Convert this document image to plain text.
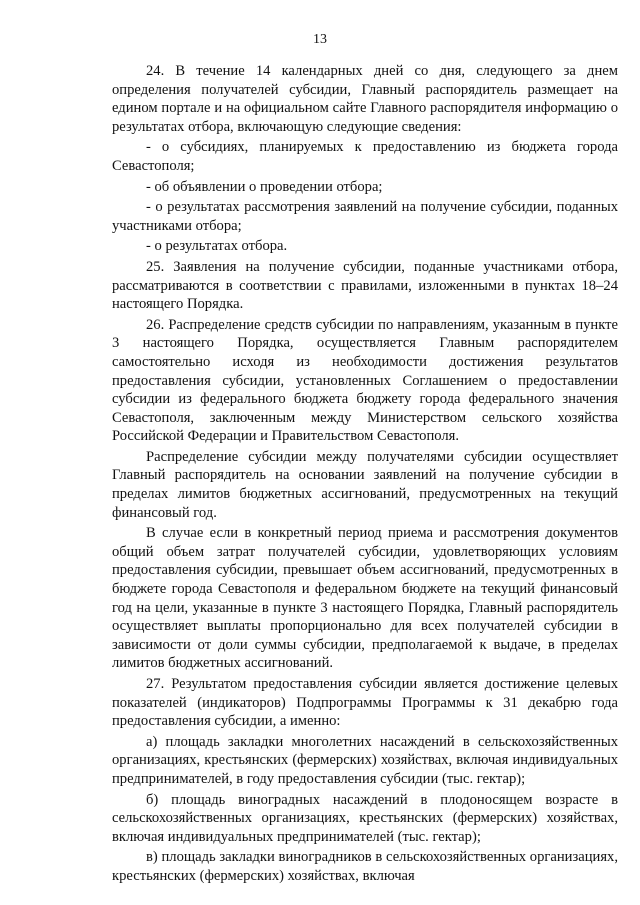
13

24. В течение 14 календарных дней со дня, следующего за днем определения получателей субсидии, Главный распорядитель размещает на едином портале и на официальном сайте Главного распорядителя информацию о результатах отбора, включающую следующие сведения:

- о субсидиях, планируемых к предоставлению из бюджета города Севастополя;

- об объявлении о проведении отбора;

- о результатах рассмотрения заявлений на получение субсидии, поданных участниками отбора;

- о результатах отбора.

25. Заявления на получение субсидии, поданные участниками отбора, рассматриваются в соответствии с правилами, изложенными в пунктах 18–24 настоящего Порядка.

26. Распределение средств субсидии по направлениям, указанным в пункте 3 настоящего Порядка, осуществляется Главным распорядителем самостоятельно исходя из необходимости достижения результатов предоставления субсидии, установленных Соглашением о предоставлении субсидии из федерального бюджета бюджету города федерального значения Севастополя, заключенным между Министерством сельского хозяйства Российской Федерации и Правительством Севастополя.

Распределение субсидии между получателями субсидии осуществляет Главный распорядитель на основании заявлений на получение субсидии в пределах лимитов бюджетных ассигнований, предусмотренных на текущий финансовый год.

В случае если в конкретный период приема и рассмотрения документов общий объем затрат получателей субсидии, удовлетворяющих условиям предоставления субсидии, превышает объем ассигнований, предусмотренных в бюджете города Севастополя и федеральном бюджете на текущий финансовый год на цели, указанные в пункте 3 настоящего Порядка, Главный распорядитель осуществляет выплаты пропорционально для всех получателей субсидии в зависимости от доли суммы субсидии, предполагаемой к выдаче, в пределах лимитов бюджетных ассигнований.

27. Результатом предоставления субсидии является достижение целевых показателей (индикаторов) Подпрограммы Программы к 31 декабрю года предоставления субсидии, а именно:

а) площадь закладки многолетних насаждений в сельскохозяйственных организациях, крестьянских (фермерских) хозяйствах, включая индивидуальных предпринимателей, в году предоставления субсидии (тыс. гектар);

б) площадь виноградных насаждений в плодоносящем возрасте в сельскохозяйственных организациях, крестьянских (фермерских) хозяйствах, включая индивидуальных предпринимателей (тыс. гектар);

в) площадь закладки виноградников в сельскохозяйственных организациях, крестьянских (фермерских) хозяйствах, включая
